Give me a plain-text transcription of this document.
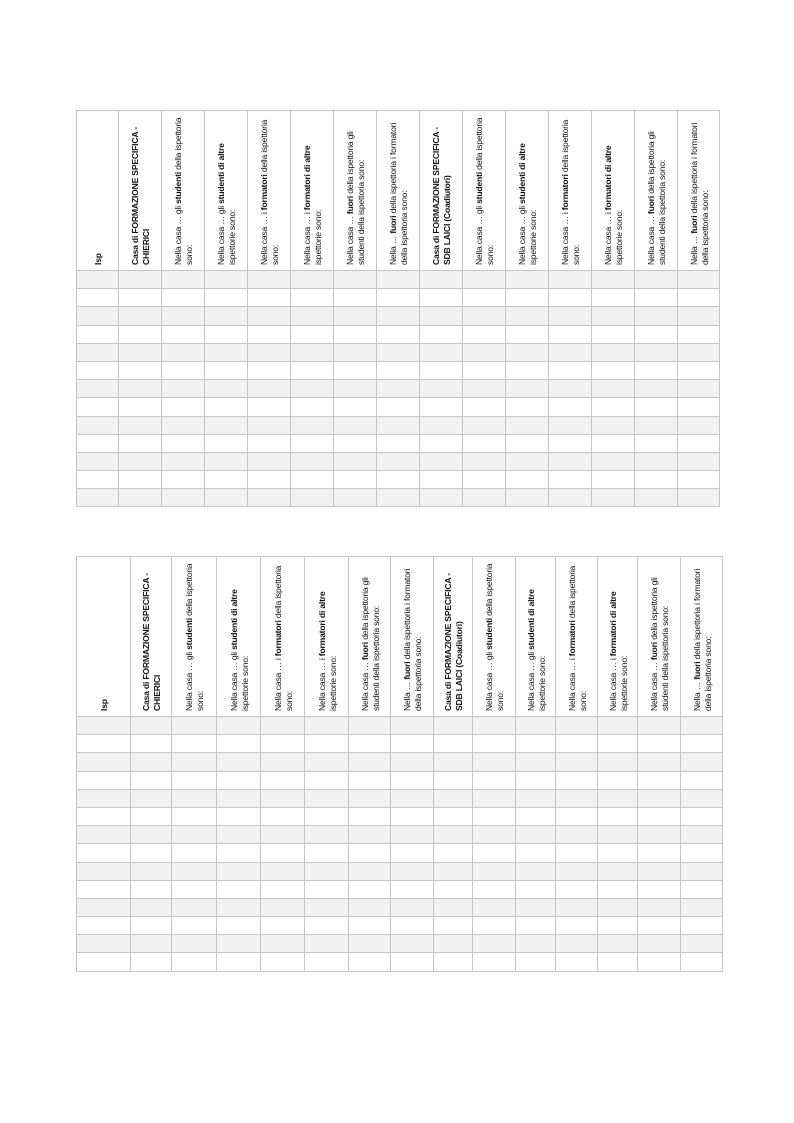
Isp	Casa di FORMAZIONE SPECIFICA - CHIERICI	Nella casa … gli studenti della ispettoria sono:	Nella casa … gli studenti di altre ispettorie sono:	Nella casa … i formatori della ispettoria sono:	Nella casa … i formatori di altre ispettorie sono:	Nella casa … fuori della ispettoria gli studenti della ispettoria sono:	Nella … fuori della ispettoria i formatori della ispettoria sono:	Casa di FORMAZIONE SPECIFICA - SDB LAICI (Coadiutori)	Nella casa … gli studenti della ispettoria sono:	Nella casa … gli studenti di altre ispettorie sono:	Nella casa … i formatori della ispettoria sono:	Nella casa … i formatori di altre ispettorie sono:	Nella casa … fuori della ispettoria gli studenti della ispettoria sono:	Nella … fuori della ispettoria i formatori della ispettoria sono:

Isp	Casa di FORMAZIONE SPECIFICA - CHIERICI	Nella casa … gli studenti della ispettoria sono:	Nella casa … gli studenti di altre ispettorie sono:	Nella casa … i formatori della ispettoria sono:	Nella casa … i formatori di altre ispettorie sono:	Nella casa … fuori della ispettoria gli studenti della ispettoria sono:	Nella … fuori della ispettoria i formatori della ispettoria sono:	Casa di FORMAZIONE SPECIFICA - SDB LAICI (Coadiutori)	Nella casa … gli studenti della ispettoria sono:	Nella casa … gli studenti di altre ispettorie sono:	Nella casa … i formatori della ispettoria sono:	Nella casa … i formatori di altre ispettorie sono:	Nella casa … fuori della ispettoria gli studenti della ispettoria sono:	Nella … fuori della ispettoria i formatori della ispettoria sono:
